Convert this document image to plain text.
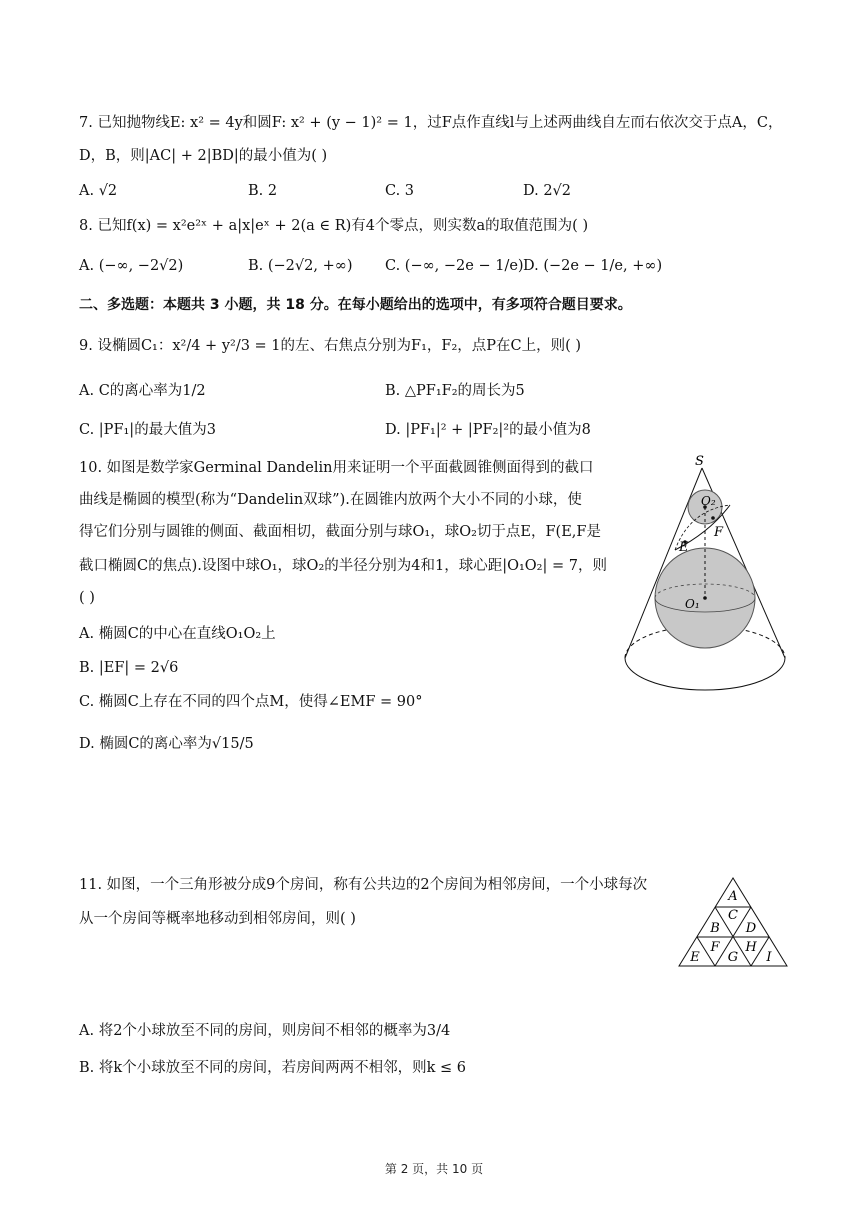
7. 已知抛物线E: x² = 4y和圆F: x² + (y − 1)² = 1，过F点作直线l与上述两曲线自左而右依次交于点A，C，
D，B，则|AC| + 2|BD|的最小值为( )
A. √2	B. 2	C. 3	D. 2√2
8. 已知f(x) = x²e²ˣ + a|x|eˣ + 2(a ∈ R)有4个零点，则实数a的取值范围为( )
A. (−∞, −2√2)	B. (−2√2, +∞) C. (−∞, −2e − 1/e) D. (−2e − 1/e, +∞)
二、多选题：本题共 3 小题，共 18 分。在每小题给出的选项中，有多项符合题目要求。
9. 设椭圆C₁：x²/4 + y²/3 = 1的左、右焦点分别为F₁，F₂，点P在C上，则( )
A. C的离心率为1/2	B. △PF₁F₂的周长为5
C. |PF₁|的最大值为3	D. |PF₁|² + |PF₂|²的最小值为8
10. 如图是数学家Germinal Dandelin用来证明一个平面截圆锥侧面得到的截口
曲线是椭圆的模型(称为“Dandelin双球”).在圆锥内放两个大小不同的小球，使
得它们分别与圆锥的侧面、截面相切，截面分别与球O₁，球O₂切于点E，F(E,F是
截口椭圆C的焦点).设图中球O₁，球O₂的半径分别为4和1，球心距|O₁O₂| = 7，则
( )
A. 椭圆C的中心在直线O₁O₂上
B. |EF| = 2√6
C. 椭圆C上存在不同的四个点M，使得∠EMF = 90°
D. 椭圆C的离心率为√15/5
S
O₂
F
E
O₁
11. 如图，一个三角形被分成9个房间，称有公共边的2个房间为相邻房间，一个小球每次
从一个房间等概率地移动到相邻房间，则( )
A. 将2个小球放至不同的房间，则房间不相邻的概率为3/4
B. 将k个小球放至不同的房间，若房间两两不相邻，则k ≤ 6
A
B
C
D
E
F
G
H
I
第 2 页，共 10 页
